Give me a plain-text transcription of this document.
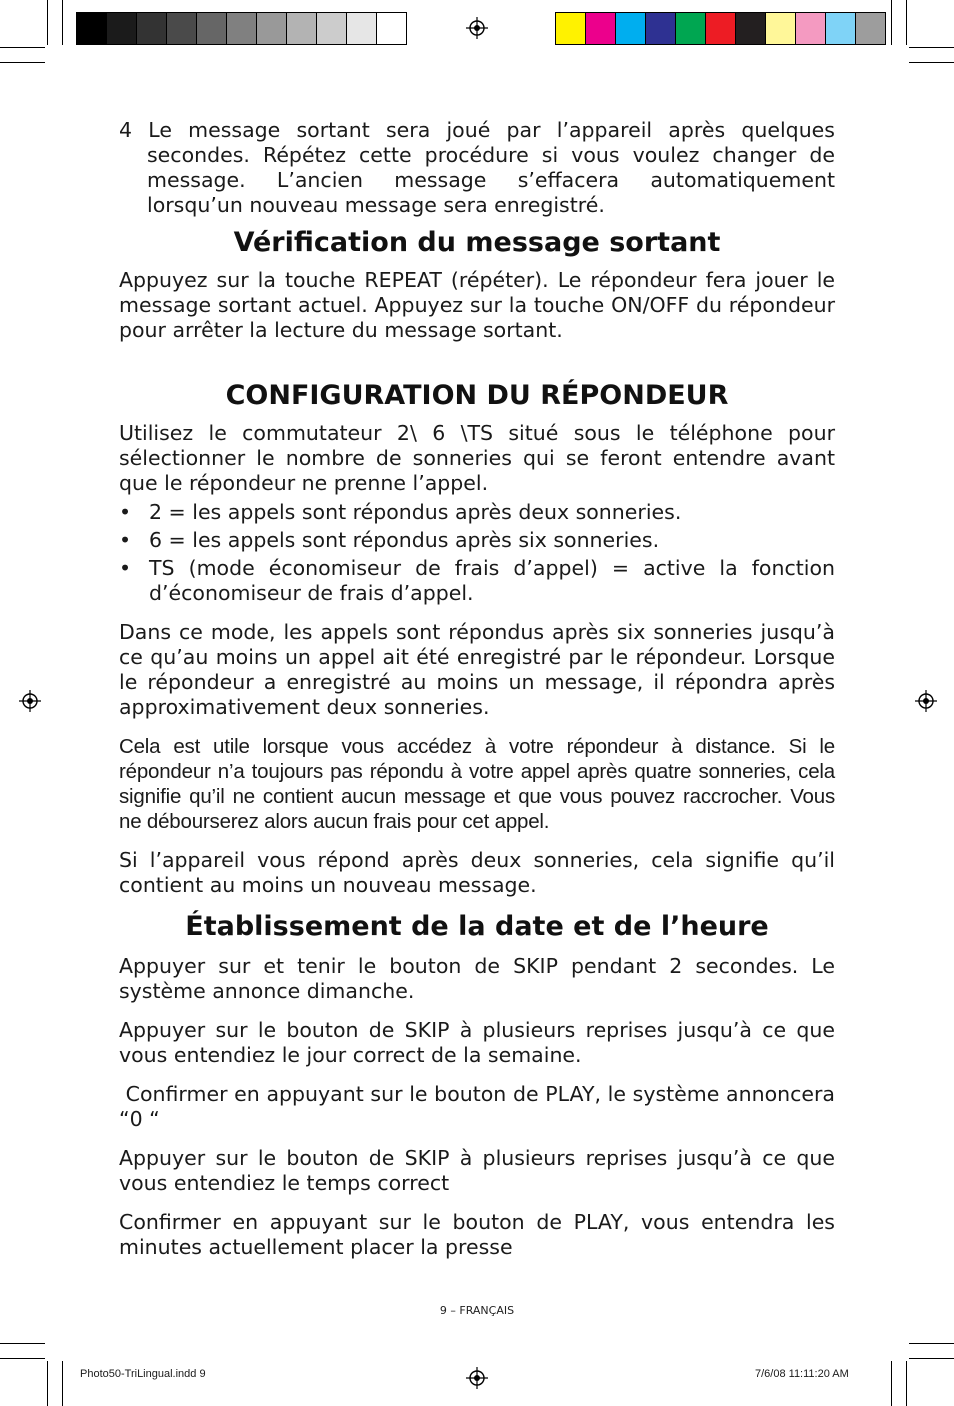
4 Le message sortant sera joué par l’appareil après quelques secondes. Répétez cette procédure si vous voulez changer de message. L’ancien message s’effacera automatiquement lorsqu’un nouveau message sera enregistré.

Vérification du message sortant

Appuyez sur la touche REPEAT (répéter). Le répondeur fera jouer le message sortant actuel. Appuyez sur la touche ON/OFF du répondeur pour arrêter la lecture du message sortant.

CONFIGURATION DU RÉPONDEUR

Utilisez le commutateur 2\ 6 \TS situé sous le téléphone pour sélectionner le nombre de sonneries qui se feront entendre avant que le répondeur ne prenne l’appel.

• 2 = les appels sont répondus après deux sonneries.
• 6 = les appels sont répondus après six sonneries.
• TS (mode économiseur de frais d’appel) = active la fonction d’économiseur de frais d’appel.

Dans ce mode, les appels sont répondus après six sonneries jusqu’à ce qu’au moins un appel ait été enregistré par le répondeur. Lorsque le répondeur a enregistré au moins un message, il répondra après approximativement deux sonneries.

Cela est utile lorsque vous accédez à votre répondeur à distance. Si le répondeur n’a toujours pas répondu à votre appel après quatre sonneries, cela signifie qu’il ne contient aucun message et que vous pouvez raccrocher. Vous ne débourserez alors aucun frais pour cet appel.

Si l’appareil vous répond après deux sonneries, cela signifie qu’il contient au moins un nouveau message.

Établissement de la date et de l’heure

Appuyer sur et tenir le bouton de SKIP pendant 2 secondes. Le système annonce dimanche.

Appuyer sur le bouton de SKIP à plusieurs reprises jusqu’à ce que vous entendiez le jour correct de la semaine.

Confirmer en appuyant sur le bouton de PLAY, le système annoncera “0 “

Appuyer sur le bouton de SKIP à plusieurs reprises jusqu’à ce que vous entendiez le temps correct

Confirmer en appuyant sur le bouton de PLAY, vous entendra les minutes actuellement placer la presse

9 – FRANÇAIS
Photo50-TriLingual.indd 9	7/6/08 11:11:20 AM
